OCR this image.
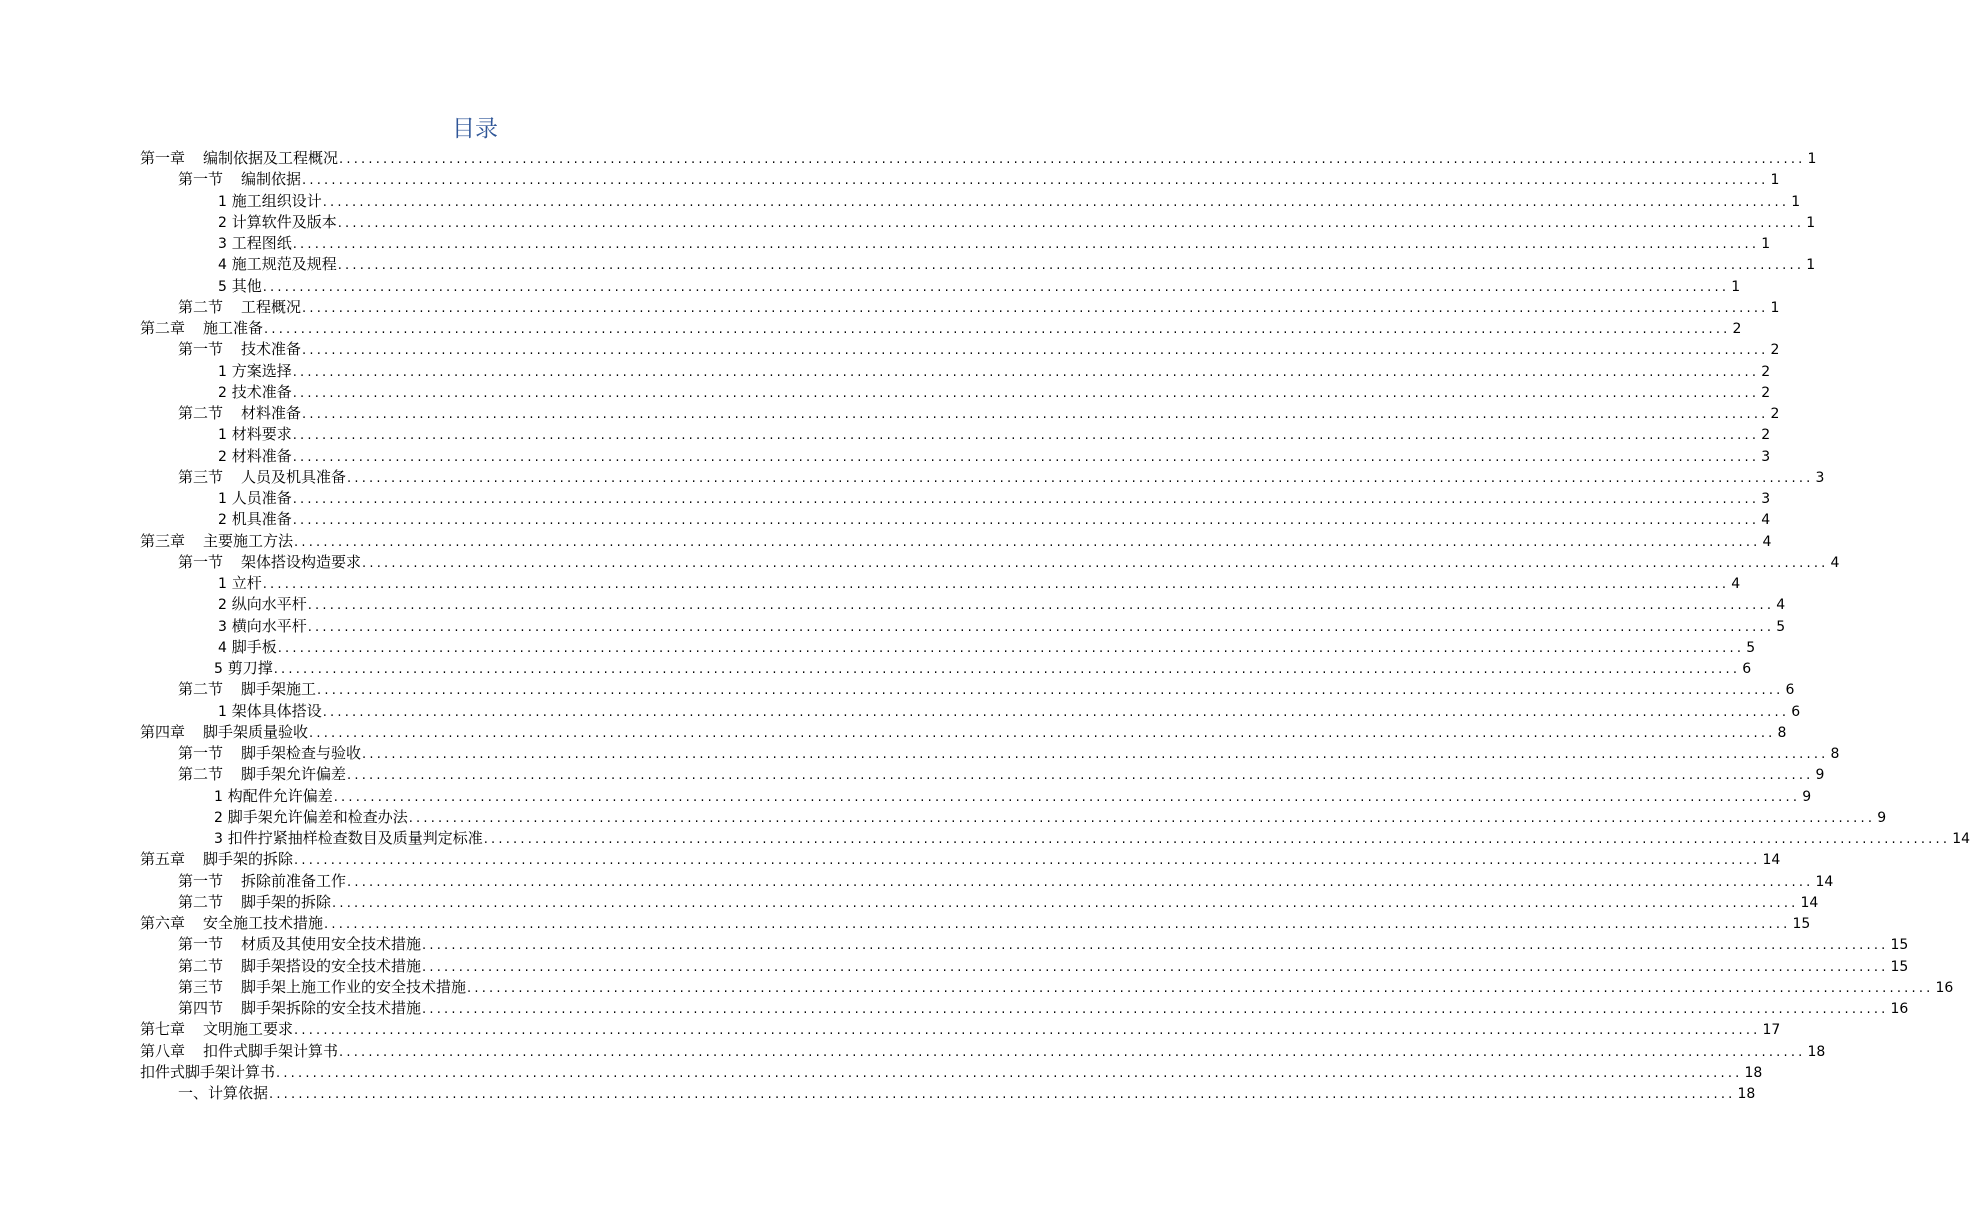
目录
第一章 编制依据及工程概况 ........................................................................................................................................................................................................ 1
第一节 编制依据 ........................................................................................................................................................................................................ 1
1 施工组织设计 ........................................................................................................................................................................................................ 1
2 计算软件及版本 ........................................................................................................................................................................................................ 1
3 工程图纸 ........................................................................................................................................................................................................ 1
4 施工规范及规程 ........................................................................................................................................................................................................ 1
5 其他 ........................................................................................................................................................................................................ 1
第二节 工程概况 ........................................................................................................................................................................................................ 1
第二章 施工准备 ........................................................................................................................................................................................................ 2
第一节 技术准备 ........................................................................................................................................................................................................ 2
1 方案选择 ........................................................................................................................................................................................................ 2
2 技术准备 ........................................................................................................................................................................................................ 2
第二节 材料准备 ........................................................................................................................................................................................................ 2
1 材料要求 ........................................................................................................................................................................................................ 2
2 材料准备 ........................................................................................................................................................................................................ 3
第三节 人员及机具准备 ........................................................................................................................................................................................................ 3
1 人员准备 ........................................................................................................................................................................................................ 3
2 机具准备 ........................................................................................................................................................................................................ 4
第三章 主要施工方法 ........................................................................................................................................................................................................ 4
第一节 架体搭设构造要求 ........................................................................................................................................................................................................ 4
1 立杆 ........................................................................................................................................................................................................ 4
2 纵向水平杆 ........................................................................................................................................................................................................ 4
3 横向水平杆 ........................................................................................................................................................................................................ 5
4 脚手板 ........................................................................................................................................................................................................ 5
5 剪刀撑 ........................................................................................................................................................................................................ 6
第二节 脚手架施工 ........................................................................................................................................................................................................ 6
1 架体具体搭设 ........................................................................................................................................................................................................ 6
第四章 脚手架质量验收 ........................................................................................................................................................................................................ 8
第一节 脚手架检查与验收 ........................................................................................................................................................................................................ 8
第二节 脚手架允许偏差 ........................................................................................................................................................................................................ 9
1 构配件允许偏差 ........................................................................................................................................................................................................ 9
2 脚手架允许偏差和检查办法 ........................................................................................................................................................................................................ 9
3 扣件拧紧抽样检查数目及质量判定标准 ........................................................................................................................................................................................................ 14
第五章 脚手架的拆除 ........................................................................................................................................................................................................ 14
第一节 拆除前准备工作 ........................................................................................................................................................................................................ 14
第二节 脚手架的拆除 ........................................................................................................................................................................................................ 14
第六章 安全施工技术措施 ........................................................................................................................................................................................................ 15
第一节 材质及其使用安全技术措施 ........................................................................................................................................................................................................ 15
第二节 脚手架搭设的安全技术措施 ........................................................................................................................................................................................................ 15
第三节 脚手架上施工作业的安全技术措施 ........................................................................................................................................................................................................ 16
第四节 脚手架拆除的安全技术措施 ........................................................................................................................................................................................................ 16
第七章 文明施工要求 ........................................................................................................................................................................................................ 17
第八章 扣件式脚手架计算书 ........................................................................................................................................................................................................ 18
扣件式脚手架计算书 ........................................................................................................................................................................................................ 18
一、计算依据 ........................................................................................................................................................................................................ 18
